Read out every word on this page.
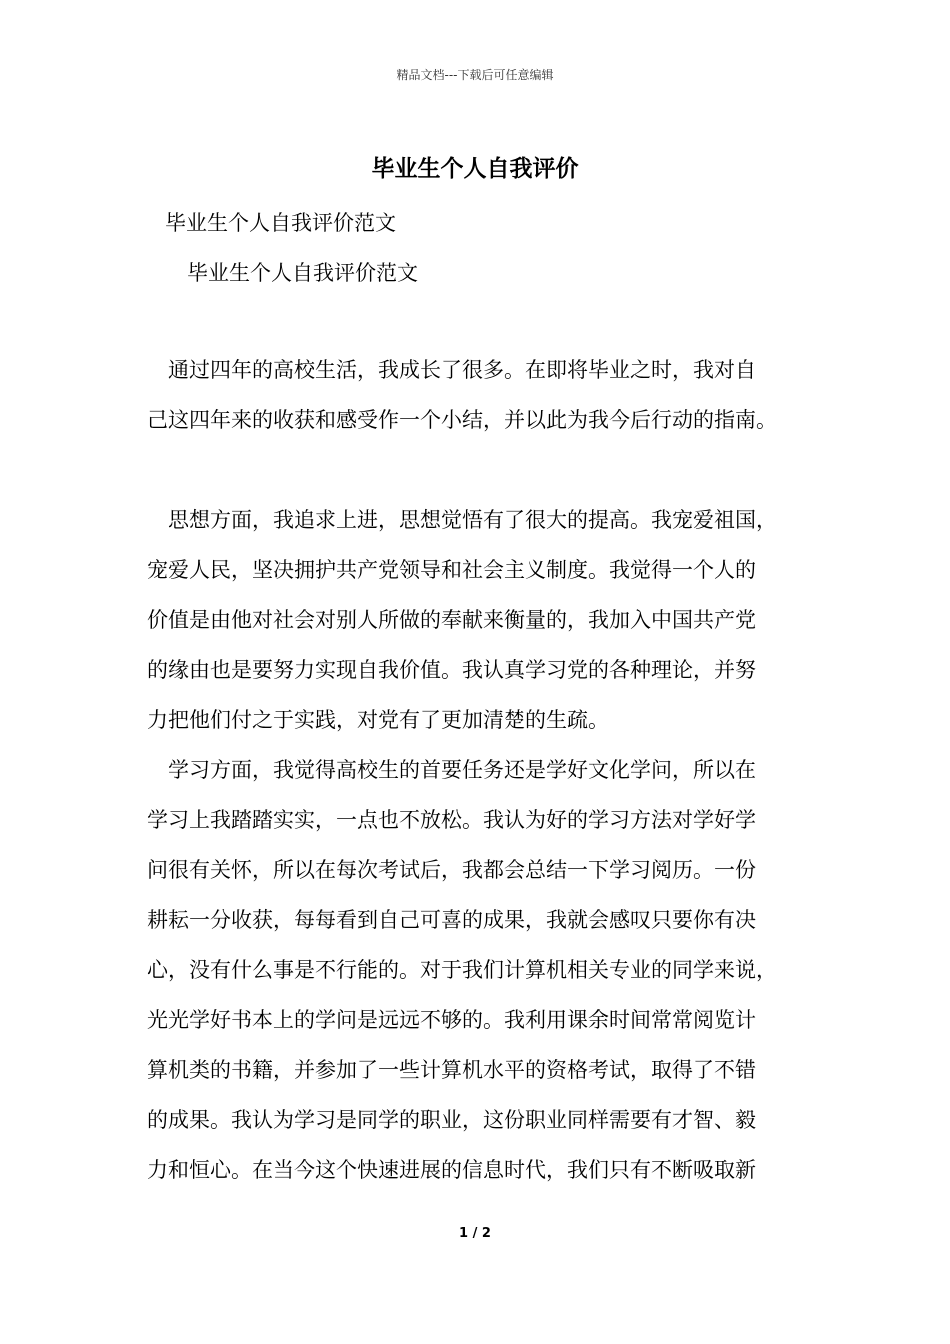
精品文档---下载后可任意编辑
毕业生个人自我评价
毕业生个人自我评价范文
毕业生个人自我评价范文
　通过四年的高校生活，我成长了很多。在即将毕业之时，我对自
己这四年来的收获和感受作一个小结，并以此为我今后行动的指南。
　思想方面，我追求上进，思想觉悟有了很大的提高。我宠爱祖国，
宠爱人民，坚决拥护共产党领导和社会主义制度。我觉得一个人的
价值是由他对社会对别人所做的奉献来衡量的，我加入中国共产党
的缘由也是要努力实现自我价值。我认真学习党的各种理论，并努
力把他们付之于实践，对党有了更加清楚的生疏。
　学习方面，我觉得高校生的首要任务还是学好文化学问，所以在
学习上我踏踏实实，一点也不放松。我认为好的学习方法对学好学
问很有关怀，所以在每次考试后，我都会总结一下学习阅历。一份
耕耘一分收获，每每看到自己可喜的成果，我就会感叹只要你有决
心，没有什么事是不行能的。对于我们计算机相关专业的同学来说，
光光学好书本上的学问是远远不够的。我利用课余时间常常阅览计
算机类的书籍，并参加了一些计算机水平的资格考试，取得了不错
的成果。我认为学习是同学的职业，这份职业同样需要有才智、毅
力和恒心。在当今这个快速进展的信息时代，我们只有不断吸取新
1 / 2
